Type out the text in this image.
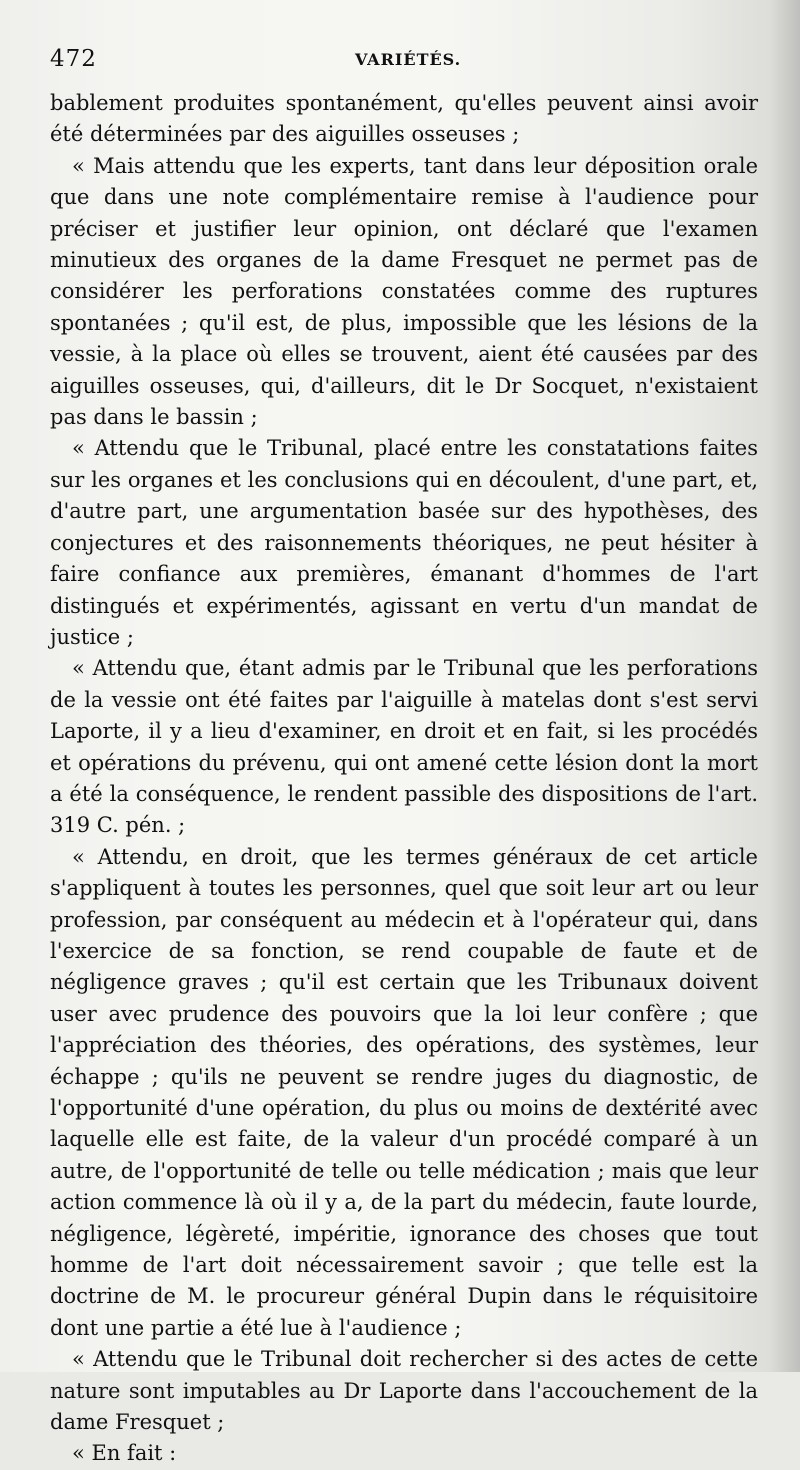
472	VARIÉTÉS.

bablement produites spontanément, qu'elles peuvent ainsi avoir été déterminées par des aiguilles osseuses ;

« Mais attendu que les experts, tant dans leur déposition orale que dans une note complémentaire remise à l'audience pour préciser et justifier leur opinion, ont déclaré que l'examen minutieux des organes de la dame Fresquet ne permet pas de considérer les perforations constatées comme des ruptures spontanées ; qu'il est, de plus, impossible que les lésions de la vessie, à la place où elles se trouvent, aient été causées par des aiguilles osseuses, qui, d'ailleurs, dit le Dr Socquet, n'existaient pas dans le bassin ;

« Attendu que le Tribunal, placé entre les constatations faites sur les organes et les conclusions qui en découlent, d'une part, et, d'autre part, une argumentation basée sur des hypothèses, des conjectures et des raisonnements théoriques, ne peut hésiter à faire confiance aux premières, émanant d'hommes de l'art distingués et expérimentés, agissant en vertu d'un mandat de justice ;

« Attendu que, étant admis par le Tribunal que les perforations de la vessie ont été faites par l'aiguille à matelas dont s'est servi Laporte, il y a lieu d'examiner, en droit et en fait, si les procédés et opérations du prévenu, qui ont amené cette lésion dont la mort a été la conséquence, le rendent passible des dispositions de l'art. 319 C. pén. ;

« Attendu, en droit, que les termes généraux de cet article s'appliquent à toutes les personnes, quel que soit leur art ou leur profession, par conséquent au médecin et à l'opérateur qui, dans l'exercice de sa fonction, se rend coupable de faute et de négligence graves ; qu'il est certain que les Tribunaux doivent user avec prudence des pouvoirs que la loi leur confère ; que l'appréciation des théories, des opérations, des systèmes, leur échappe ; qu'ils ne peuvent se rendre juges du diagnostic, de l'opportunité d'une opération, du plus ou moins de dextérité avec laquelle elle est faite, de la valeur d'un procédé comparé à un autre, de l'opportunité de telle ou telle médication ; mais que leur action commence là où il y a, de la part du médecin, faute lourde, négligence, légèreté, impéritie, ignorance des choses que tout homme de l'art doit nécessairement savoir ; que telle est la doctrine de M. le procureur général Dupin dans le réquisitoire dont une partie a été lue à l'audience ;

« Attendu que le Tribunal doit rechercher si des actes de cette nature sont imputables au Dr Laporte dans l'accouchement de la dame Fresquet ;

« En fait :
